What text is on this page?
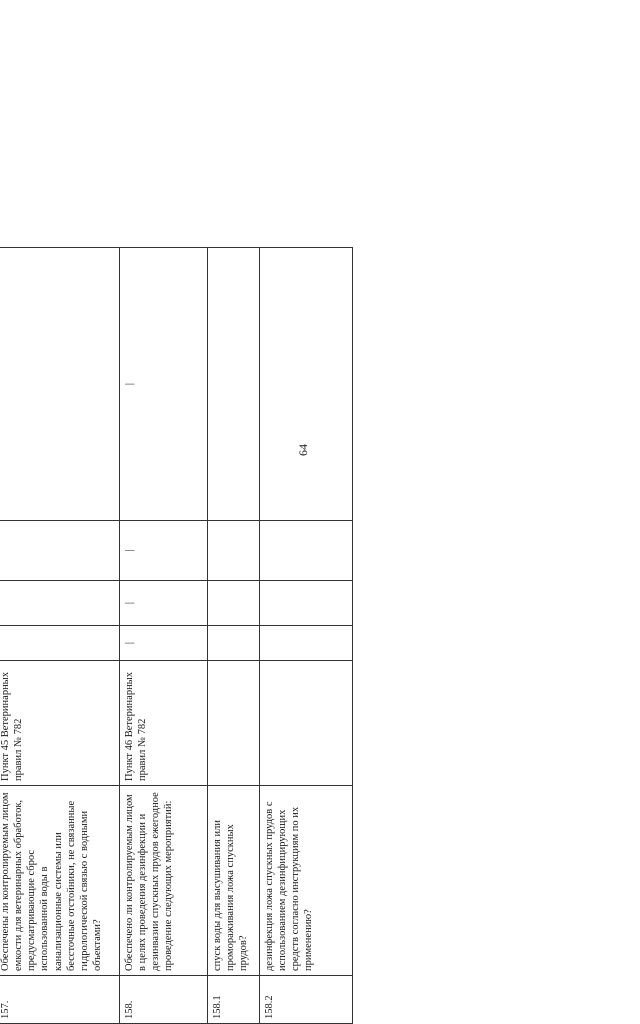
64

157.	Обеспечены ли контролируемым лицом емкости для ветеринарных обработок, предусматривающие сброс использованной воды в канализационные системы или бессточные отстойники, не связанные гидрологической связью с водными объектами?	Пункт 45 Ветеринарных правил № 782				
158.	Обеспечено ли контролируемым лицом в целях проведения дезинфекции и дезинвазии спускных прудов ежегодное проведение следующих мероприятий:	Пункт 46 Ветеринарных правил № 782	|	|	|	|
158.1	спуск воды для высушивания или промораживания ложа спускных прудов?					
158.2	дезинфекция ложа спускных прудов с использованием дезинфицирующих средств согласно инструкциям по их применению?					
